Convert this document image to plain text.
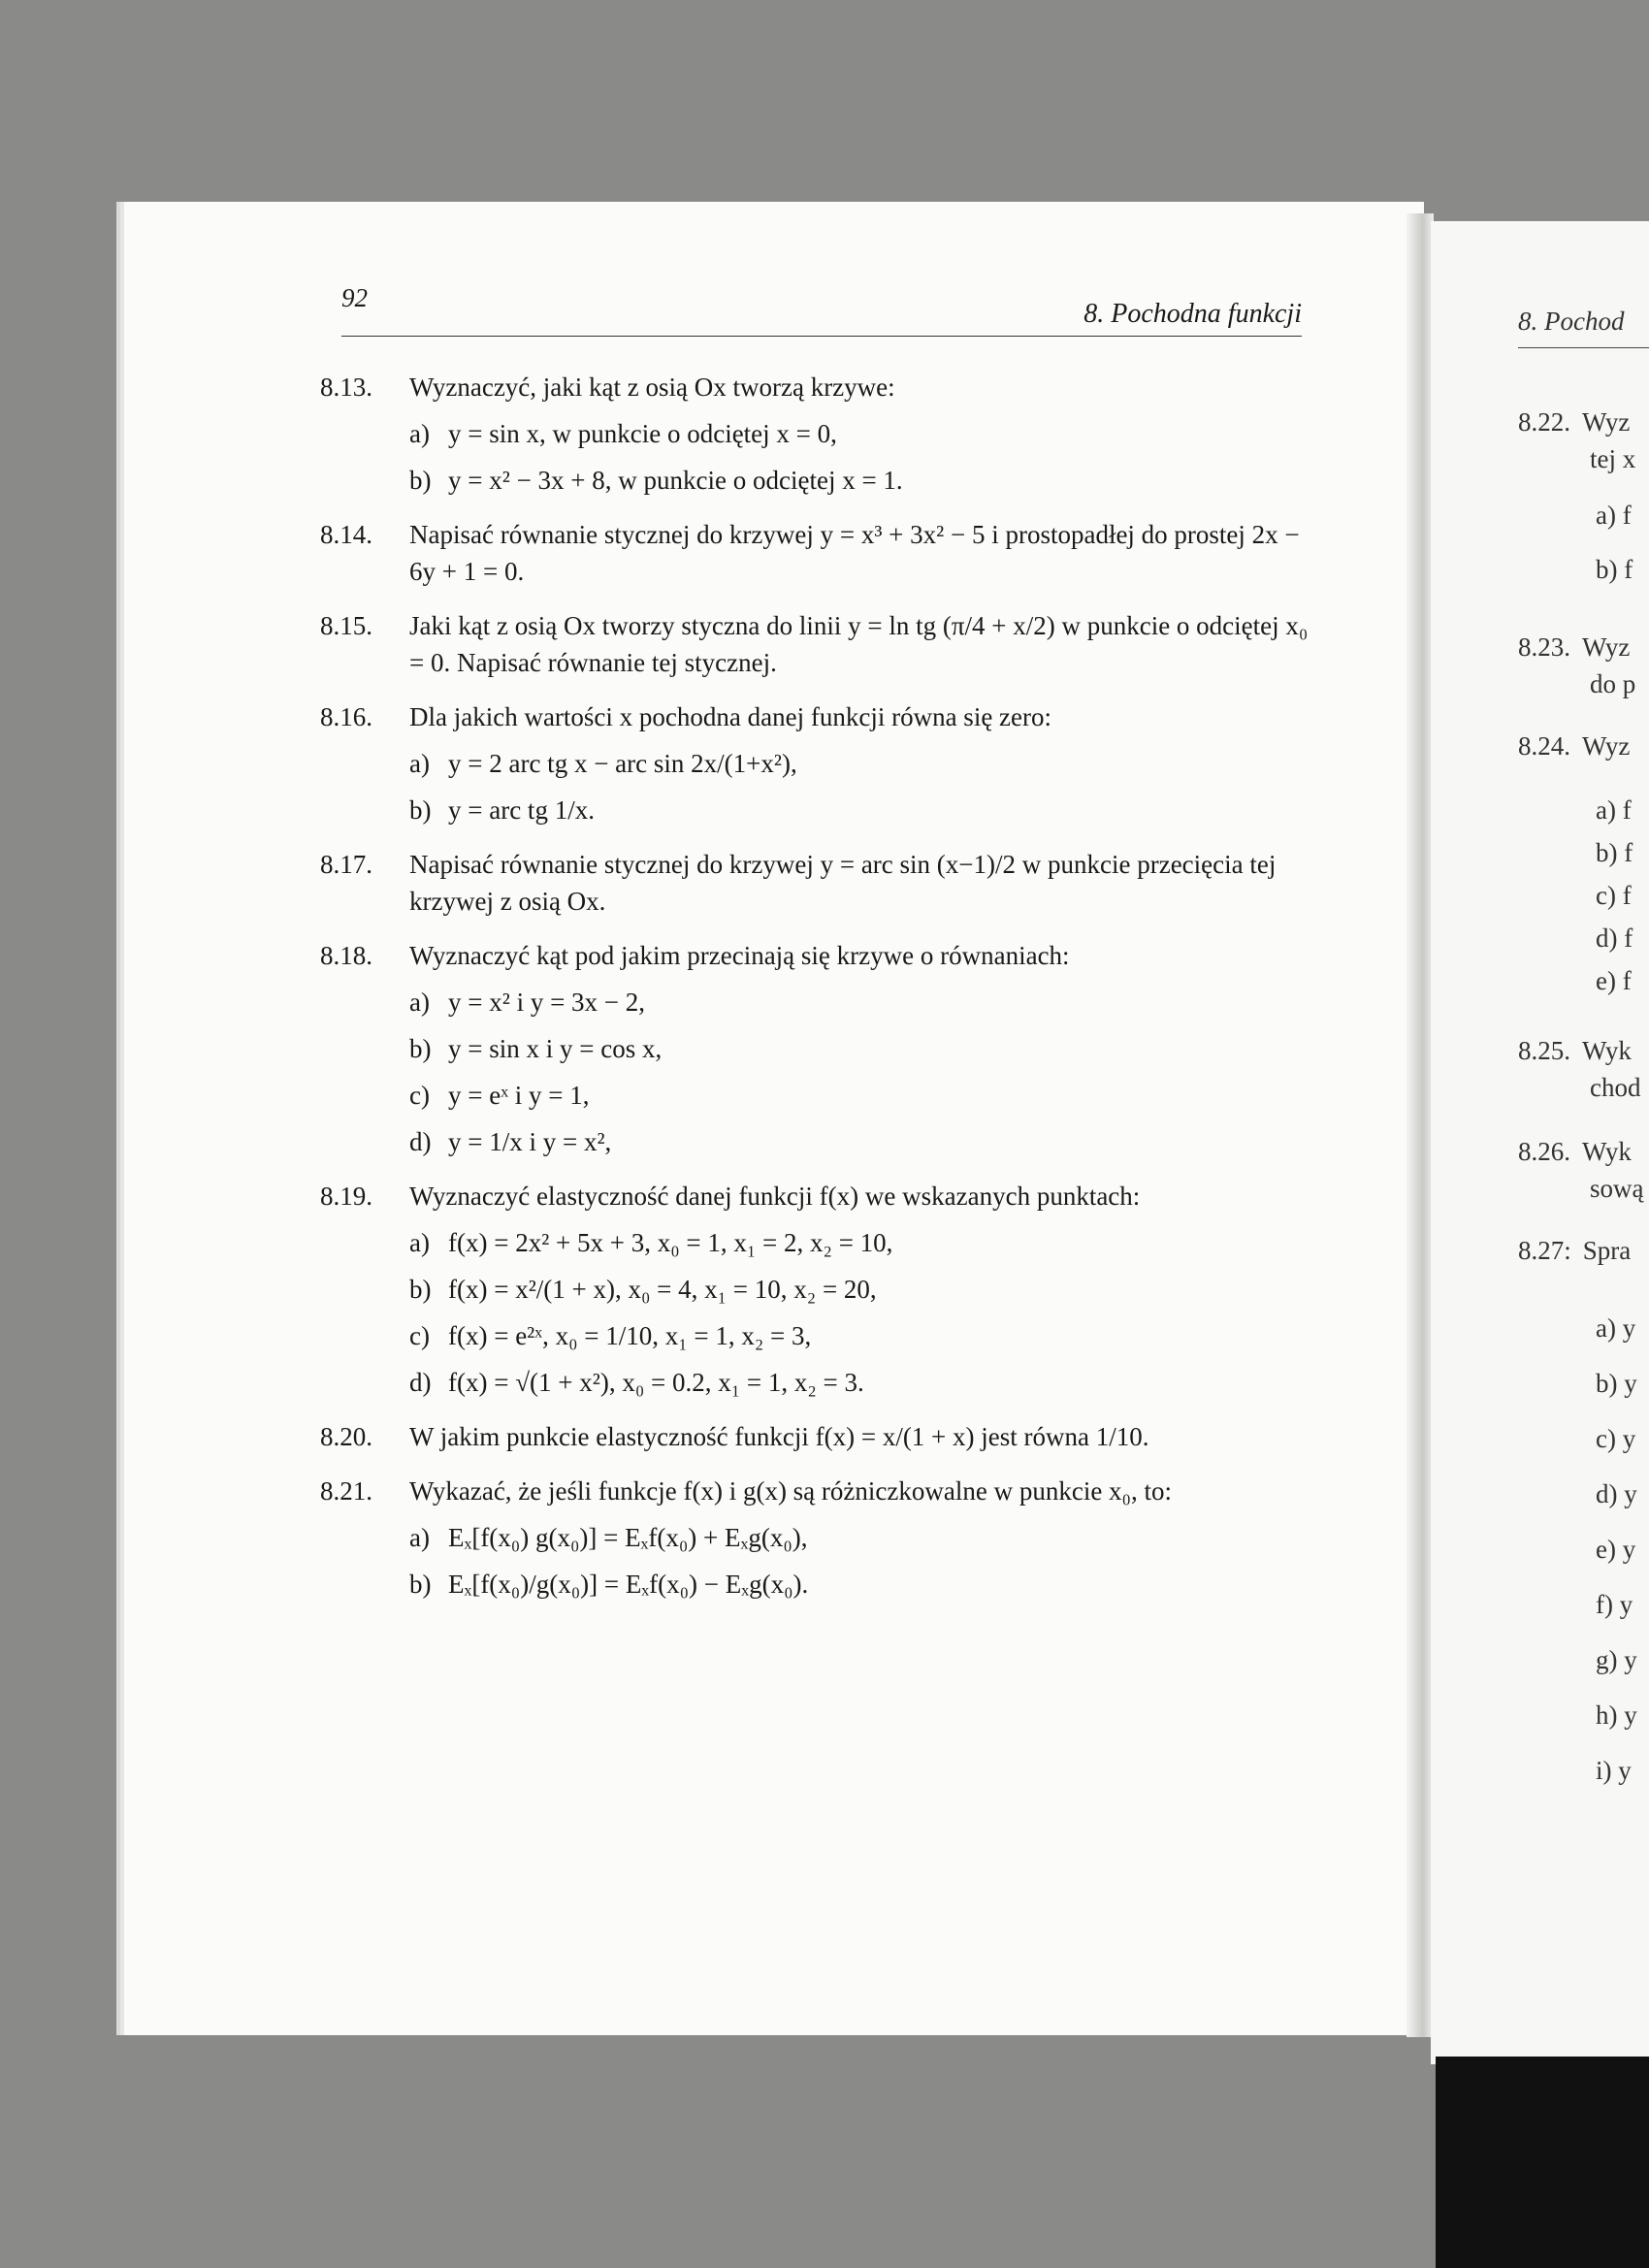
92
8. Pochodna funkcji
8.13. Wyznaczyć, jaki kąt z osią Ox tworzą krzywe:
a) y = sin x, w punkcie o odciętej x = 0,
b) y = x² − 3x + 8, w punkcie o odciętej x = 1.
8.14. Napisać równanie stycznej do krzywej y = x³ + 3x² − 5 i prostopadłej do prostej 2x − 6y + 1 = 0.
8.15. Jaki kąt z osią Ox tworzy styczna do linii y = ln tg (π/4 + x/2) w punkcie o odciętej x₀ = 0. Napisać równanie tej stycznej.
8.16. Dla jakich wartości x pochodna danej funkcji równa się zero:
a) y = 2 arc tg x − arc sin 2x/(1+x²),
b) y = arc tg 1/x.
8.17. Napisać równanie stycznej do krzywej y = arc sin (x−1)/2 w punkcie przecięcia tej krzywej z osią Ox.
8.18. Wyznaczyć kąt pod jakim przecinają się krzywe o równaniach:
a) y = x² i y = 3x − 2,
b) y = sin x i y = cos x,
c) y = eˣ i y = 1,
d) y = 1/x i y = x²,
8.19. Wyznaczyć elastyczność danej funkcji f(x) we wskazanych punktach:
a) f(x) = 2x² + 5x + 3, x₀ = 1, x₁ = 2, x₂ = 10,
b) f(x) = x²/(1 + x), x₀ = 4, x₁ = 10, x₂ = 20,
c) f(x) = e²ˣ, x₀ = 1/10, x₁ = 1, x₂ = 3,
d) f(x) = √(1 + x²), x₀ = 0.2, x₁ = 1, x₂ = 3.
8.20. W jakim punkcie elastyczność funkcji f(x) = x/(1 + x) jest równa 1/10.
8.21. Wykazać, że jeśli funkcje f(x) i g(x) są różniczkowalne w punkcie x₀, to:
a) Eₓ[f(x₀) g(x₀)] = Eₓf(x₀) + Eₓg(x₀),
b) Eₓ[f(x₀)/g(x₀)] = Eₓf(x₀) − Eₓg(x₀).
8. Pochod
8.22. Wyz
tej x
8.23. Wyz
do p
8.24. Wyz
8.25. Wyk
chod
8.26. Wyk
sową
8.27: Spra
a) f
b) f
a) f
b) f
c) f
d) f
e) f
a) y
b) y
c) y
d) y
e) y
f) y
g) y
h) y
i) y
